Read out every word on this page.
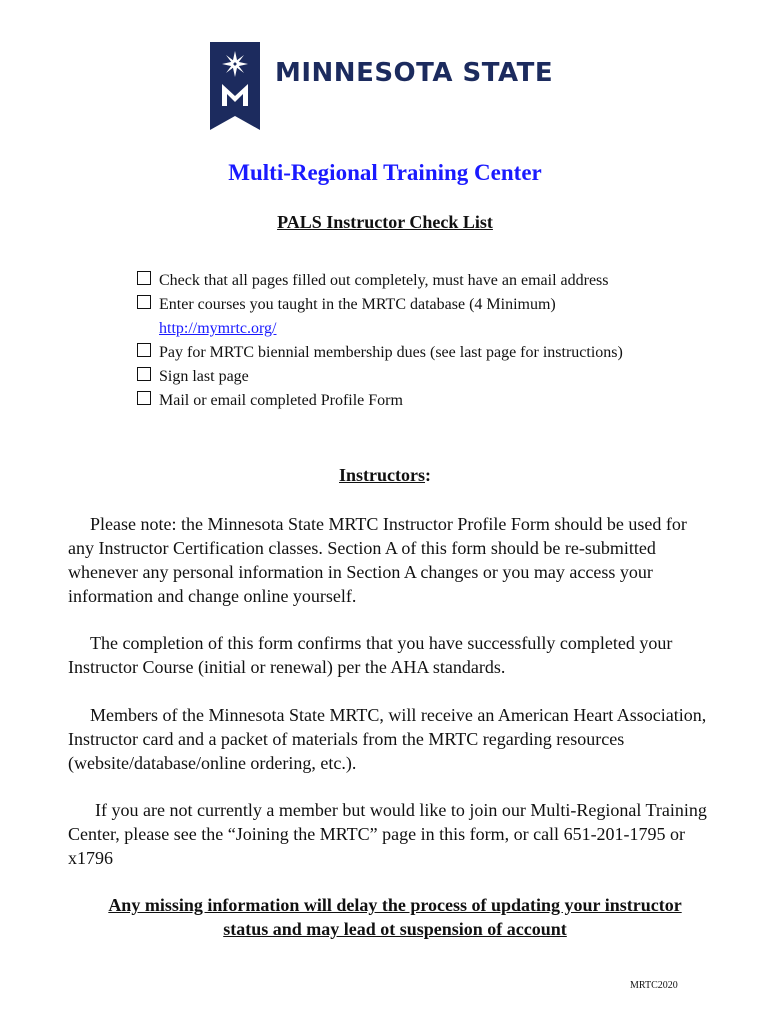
MINNESOTA STATE
Multi-Regional Training Center
PALS Instructor Check List
Check that all pages filled out completely, must have an email address
Enter courses you taught in the MRTC database (4 Minimum)
http://mymrtc.org/
Pay for MRTC biennial membership dues (see last page for instructions)
Sign last page
Mail or email completed Profile Form
Instructors:

Please note: the Minnesota State MRTC Instructor Profile Form should be used for any Instructor Certification classes. Section A of this form should be re-submitted whenever any personal information in Section A changes or you may access your information and change online yourself.

The completion of this form confirms that you have successfully completed your Instructor Course (initial or renewal) per the AHA standards.

Members of the Minnesota State MRTC, will receive an American Heart Association, Instructor card and a packet of materials from the MRTC regarding resources (website/database/online ordering, etc.).

If you are not currently a member but would like to join our Multi-Regional Training Center, please see the “Joining the MRTC” page in this form, or call 651-201-1795 or x1796

Any missing information will delay the process of updating your instructor status and may lead ot suspension of account
MRTC2020
